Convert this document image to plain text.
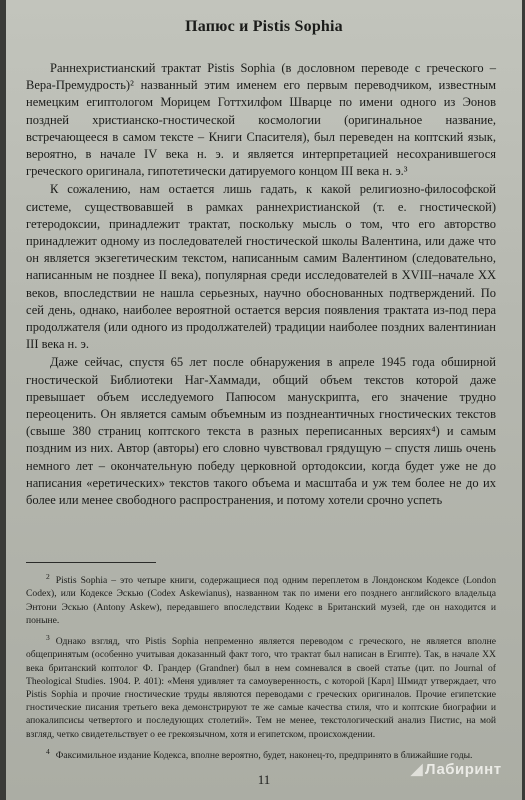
Папюс и Pistis Sophia

Раннехристианский трактат Pistis Sophia (в дословном переводе с греческого – Вера-Премудрость)² названный этим именем его первым переводчиком, известным немецким египтологом Морицем Готтхилфом Шварце по имени одного из Эонов поздней христианско-гностической космологии (оригинальное название, встречающееся в самом тексте – Книги Спасителя), был переведен на коптский язык, вероятно, в начале IV века н. э. и является интерпретацией несохранившегося греческого оригинала, гипотетически датируемого концом III века н. э.³

К сожалению, нам остается лишь гадать, к какой религиозно-философской системе, существовавшей в рамках раннехристианской (т. е. гностической) гетеродоксии, принадлежит трактат, поскольку мысль о том, что его авторство принадлежит одному из последователей гностической школы Валентина, или даже что он является экзегетическим текстом, написанным самим Валентином (следовательно, написанным не позднее II века), популярная среди исследователей в XVIII–начале XX веков, впоследствии не нашла серьезных, научно обоснованных подтверждений. По сей день, однако, наиболее вероятной остается версия появления трактата из-под пера продолжателя (или одного из продолжателей) традиции наиболее поздних валентиниан III века н. э.

Даже сейчас, спустя 65 лет после обнаружения в апреле 1945 года обширной гностической Библиотеки Наг-Хаммади, общий объем текстов которой даже превышает объем исследуемого Папюсом манускрипта, его значение трудно переоценить. Он является самым объемным из позднеантичных гностических текстов (свыше 380 страниц коптского текста в разных переписанных версиях⁴) и самым поздним из них. Автор (авторы) его словно чувствовал грядущую – спустя лишь очень немного лет – окончательную победу церковной ортодоксии, когда будет уже не до написания «еретических» текстов такого объема и масштаба и уж тем более не до их более или менее свободного распространения, и потому хотели срочно успеть

$^2$ Pistis Sophia – это четыре книги, содержащиеся под одним переплетом в Лондонском Кодексе (London Codex), или Кодексе Эскью (Codex Askewianus), названном так по имени его позднего английского владельца Энтони Эскью (Antony Askew), передавшего впоследствии Кодекс в Британский музей, где он находится и поныне.

$^3$ Однако взгляд, что Pistis Sophia непременно является переводом с греческого, не является вполне общепринятым (особенно учитывая доказанный факт того, что трактат был написан в Египте). Так, в начале XX века британский коптолог Ф. Грандер (Grandner) был в нем сомневался в своей статье (цит. по Journal of Theological Studies. 1904. P. 401): «Меня удивляет та самоуверенность, с которой [Карл] Шмидт утверждает, что Pistis Sophia и прочие гностические труды являются переводами с греческих оригиналов. Прочие египетские гностические писания третьего века демонстрируют те же самые качества стиля, что и коптские биографии и апокалипсисы четвертого и последующих столетий». Тем не менее, текстологический анализ Пистис, на мой взгляд, четко свидетельствует о ее грекоязычном, хотя и египетском, происхождении.

$^4$ Факсимильное издание Кодекса, вполне вероятно, будет, наконец-то, предпринято в ближайшие годы.

11
◢ Лабиринт
